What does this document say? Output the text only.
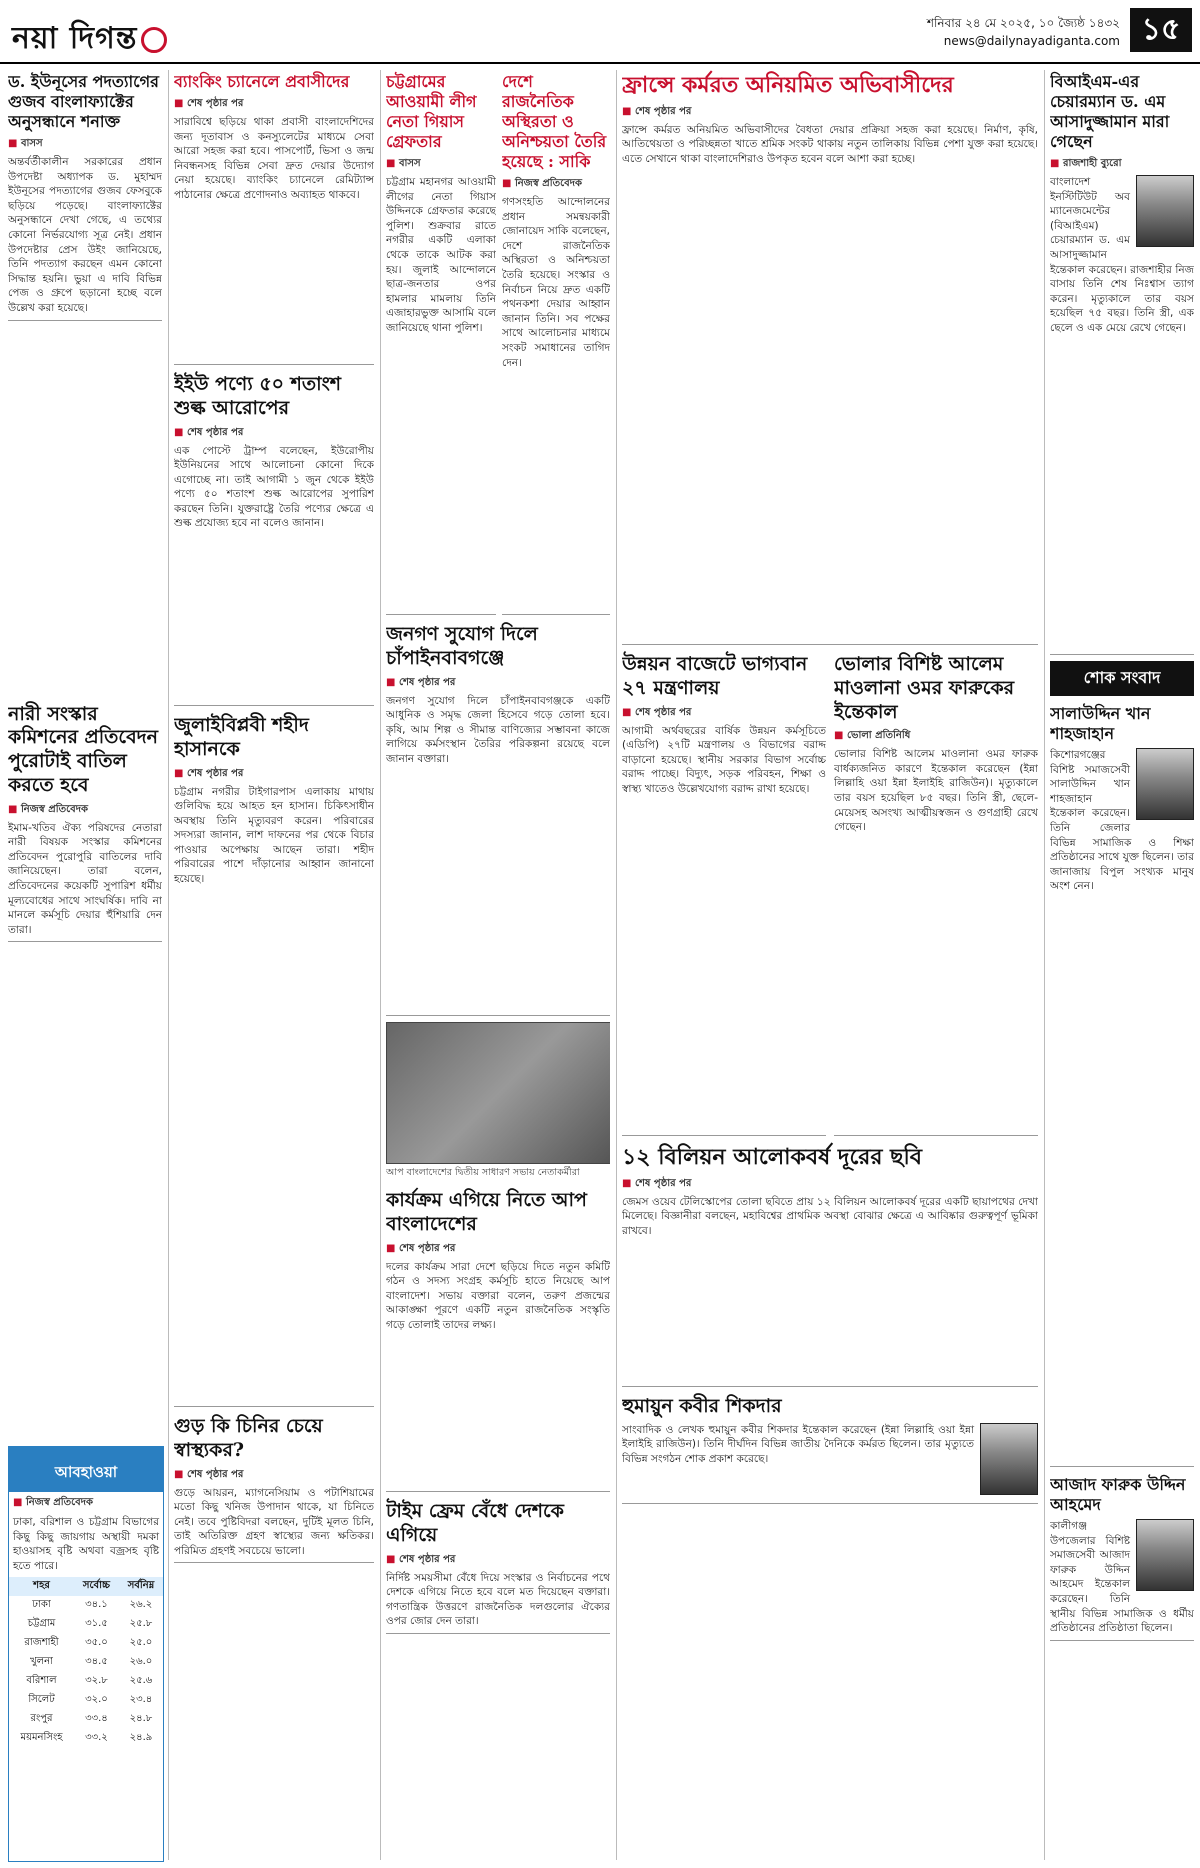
নয়া দিগন্ত	শনিবার ২৪ মে ২০২৫, ১০ জ্যৈষ্ঠ ১৪৩২
news@dailynayadiganta.com ১৫
ড. ইউনূসের পদত্যাগের গুজব বাংলাফ্যাক্টের অনুসন্ধানে শনাক্ত
■ বাসস

অন্তর্বর্তীকালীন সরকারের প্রধান উপদেষ্টা অধ্যাপক ড. মুহাম্মদ ইউনূসের পদত্যাগের গুজব ফেসবুকে ছড়িয়ে পড়েছে। বাংলাফ্যাক্টের অনুসন্ধানে দেখা গেছে, এ তথ্যের কোনো নির্ভরযোগ্য সূত্র নেই। প্রধান উপদেষ্টার প্রেস উইং জানিয়েছে, তিনি পদত্যাগ করছেন এমন কোনো সিদ্ধান্ত হয়নি। ভুয়া এ দাবি বিভিন্ন পেজ ও গ্রুপে ছড়ানো হচ্ছে বলে উল্লেখ করা হয়েছে।

নারী সংস্কার কমিশনের প্রতিবেদন পুরোটাই বাতিল করতে হবে
■ নিজস্ব প্রতিবেদক

ইমাম-খতিব ঐক্য পরিষদের নেতারা নারী বিষয়ক সংস্কার কমিশনের প্রতিবেদন পুরোপুরি বাতিলের দাবি জানিয়েছেন। তারা বলেন, প্রতিবেদনের কয়েকটি সুপারিশ ধর্মীয় মূল্যবোধের সাথে সাংঘর্ষিক। দাবি না মানলে কর্মসূচি দেয়ার হুঁশিয়ারি দেন তারা।

আবহাওয়া
■ নিজস্ব প্রতিবেদক

ঢাকা, বরিশাল ও চট্টগ্রাম বিভাগের কিছু কিছু জায়গায় অস্থায়ী দমকা হাওয়াসহ বৃষ্টি অথবা বজ্রসহ বৃষ্টি হতে পারে।

শহর	সর্বোচ্চ	সর্বনিম্ন
ঢাকা	৩৪.১	২৬.২
চট্টগ্রাম	৩১.৫	২৫.৮
রাজশাহী	৩৫.০	২৫.০
খুলনা	৩৪.৫	২৬.০
বরিশাল	৩২.৮	২৫.৬
সিলেট	৩২.০	২৩.৪
রংপুর	৩৩.৪	২৪.৮
ময়মনসিংহ	৩৩.২	২৪.৯
ব্যাংকিং চ্যানেলে প্রবাসীদের
■ শেষ পৃষ্ঠার পর

সারাবিশ্বে ছড়িয়ে থাকা প্রবাসী বাংলাদেশিদের জন্য দূতাবাস ও কনস্যুলেটের মাধ্যমে সেবা আরো সহজ করা হবে। পাসপোর্ট, ভিসা ও জন্ম নিবন্ধনসহ বিভিন্ন সেবা দ্রুত দেয়ার উদ্যোগ নেয়া হয়েছে। ব্যাংকিং চ্যানেলে রেমিট্যান্স পাঠানোর ক্ষেত্রে প্রণোদনাও অব্যাহত থাকবে।

ইইউ পণ্যে ৫০ শতাংশ শুল্ক আরোপের
■ শেষ পৃষ্ঠার পর

এক পোস্টে ট্রাম্প বলেছেন, ইউরোপীয় ইউনিয়নের সাথে আলোচনা কোনো দিকে এগোচ্ছে না। তাই আগামী ১ জুন থেকে ইইউ পণ্যে ৫০ শতাংশ শুল্ক আরোপের সুপারিশ করছেন তিনি। যুক্তরাষ্ট্রে তৈরি পণ্যের ক্ষেত্রে এ শুল্ক প্রযোজ্য হবে না বলেও জানান।

জুলাইবিপ্লবী শহীদ হাসানকে
■ শেষ পৃষ্ঠার পর

চট্টগ্রাম নগরীর টাইগারপাস এলাকায় মাথায় গুলিবিদ্ধ হয়ে আহত হন হাসান। চিকিৎসাধীন অবস্থায় তিনি মৃত্যুবরণ করেন। পরিবারের সদস্যরা জানান, লাশ দাফনের পর থেকে বিচার পাওয়ার অপেক্ষায় আছেন তারা। শহীদ পরিবারের পাশে দাঁড়ানোর আহ্বান জানানো হয়েছে।

গুড় কি চিনির চেয়ে স্বাস্থ্যকর?
■ শেষ পৃষ্ঠার পর

গুড়ে আয়রন, ম্যাগনেসিয়াম ও পটাশিয়ামের মতো কিছু খনিজ উপাদান থাকে, যা চিনিতে নেই। তবে পুষ্টিবিদরা বলছেন, দুটিই মূলত চিনি, তাই অতিরিক্ত গ্রহণ স্বাস্থ্যের জন্য ক্ষতিকর। পরিমিত গ্রহণই সবচেয়ে ভালো।

চট্টগ্রামের আওয়ামী লীগ নেতা গিয়াস গ্রেফতার
■ বাসস

চট্টগ্রাম মহানগর আওয়ামী লীগের নেতা গিয়াস উদ্দিনকে গ্রেফতার করেছে পুলিশ। শুক্রবার রাতে নগরীর একটি এলাকা থেকে তাকে আটক করা হয়। জুলাই আন্দোলনে ছাত্র-জনতার ওপর হামলার মামলায় তিনি এজাহারভুক্ত আসামি বলে জানিয়েছে থানা পুলিশ।

দেশে রাজনৈতিক অস্থিরতা ও অনিশ্চয়তা তৈরি হয়েছে : সাকি
■ নিজস্ব প্রতিবেদক

গণসংহতি আন্দোলনের প্রধান সমন্বয়কারী জোনায়েদ সাকি বলেছেন, দেশে রাজনৈতিক অস্থিরতা ও অনিশ্চয়তা তৈরি হয়েছে। সংস্কার ও নির্বাচন নিয়ে দ্রুত একটি পথনকশা দেয়ার আহ্বান জানান তিনি। সব পক্ষের সাথে আলোচনার মাধ্যমে সংকট সমাধানের তাগিদ দেন।

জনগণ সুযোগ দিলে চাঁপাইনবাবগঞ্জে
■ শেষ পৃষ্ঠার পর

জনগণ সুযোগ দিলে চাঁপাইনবাবগঞ্জকে একটি আধুনিক ও সমৃদ্ধ জেলা হিসেবে গড়ে তোলা হবে। কৃষি, আম শিল্প ও সীমান্ত বাণিজ্যের সম্ভাবনা কাজে লাগিয়ে কর্মসংস্থান তৈরির পরিকল্পনা রয়েছে বলে জানান বক্তারা।

আপ বাংলাদেশের দ্বিতীয় সাধারণ সভায় নেতাকর্মীরা
কার্যক্রম এগিয়ে নিতে আপ বাংলাদেশের
■ শেষ পৃষ্ঠার পর

দলের কার্যক্রম সারা দেশে ছড়িয়ে দিতে নতুন কমিটি গঠন ও সদস্য সংগ্রহ কর্মসূচি হাতে নিয়েছে আপ বাংলাদেশ। সভায় বক্তারা বলেন, তরুণ প্রজন্মের আকাঙ্ক্ষা পূরণে একটি নতুন রাজনৈতিক সংস্কৃতি গড়ে তোলাই তাদের লক্ষ্য।

টাইম ফ্রেম বেঁধে দেশকে এগিয়ে
■ শেষ পৃষ্ঠার পর

নির্দিষ্ট সময়সীমা বেঁধে দিয়ে সংস্কার ও নির্বাচনের পথে দেশকে এগিয়ে নিতে হবে বলে মত দিয়েছেন বক্তারা। গণতান্ত্রিক উত্তরণে রাজনৈতিক দলগুলোর ঐক্যের ওপর জোর দেন তারা।

ফ্রান্সে কর্মরত অনিয়মিত অভিবাসীদের
■ শেষ পৃষ্ঠার পর

ফ্রান্সে কর্মরত অনিয়মিত অভিবাসীদের বৈধতা দেয়ার প্রক্রিয়া সহজ করা হয়েছে। নির্মাণ, কৃষি, আতিথেয়তা ও পরিচ্ছন্নতা খাতে শ্রমিক সংকট থাকায় নতুন তালিকায় বিভিন্ন পেশা যুক্ত করা হয়েছে। এতে সেখানে থাকা বাংলাদেশিরাও উপকৃত হবেন বলে আশা করা হচ্ছে।

উন্নয়ন বাজেটে ভাগ্যবান ২৭ মন্ত্রণালয়
■ শেষ পৃষ্ঠার পর

আগামী অর্থবছরের বার্ষিক উন্নয়ন কর্মসূচিতে (এডিপি) ২৭টি মন্ত্রণালয় ও বিভাগের বরাদ্দ বাড়ানো হয়েছে। স্থানীয় সরকার বিভাগ সর্বোচ্চ বরাদ্দ পাচ্ছে। বিদ্যুৎ, সড়ক পরিবহন, শিক্ষা ও স্বাস্থ্য খাতেও উল্লেখযোগ্য বরাদ্দ রাখা হয়েছে।

ভোলার বিশিষ্ট আলেম মাওলানা ওমর ফারুকের ইন্তেকাল
■ ভোলা প্রতিনিধি

ভোলার বিশিষ্ট আলেম মাওলানা ওমর ফারুক বার্ধক্যজনিত কারণে ইন্তেকাল করেছেন (ইন্না লিল্লাহি ওয়া ইন্না ইলাইহি রাজিউন)। মৃত্যুকালে তার বয়স হয়েছিল ৮৫ বছর। তিনি স্ত্রী, ছেলে-মেয়েসহ অসংখ্য আত্মীয়স্বজন ও গুণগ্রাহী রেখে গেছেন।

১২ বিলিয়ন আলোকবর্ষ দূরের ছবি
■ শেষ পৃষ্ঠার পর

জেমস ওয়েব টেলিস্কোপের তোলা ছবিতে প্রায় ১২ বিলিয়ন আলোকবর্ষ দূরের একটি ছায়াপথের দেখা মিলেছে। বিজ্ঞানীরা বলছেন, মহাবিশ্বের প্রাথমিক অবস্থা বোঝার ক্ষেত্রে এ আবিষ্কার গুরুত্বপূর্ণ ভূমিকা রাখবে।

হুমায়ুন কবীর শিকদার

সাংবাদিক ও লেখক হুমায়ুন কবীর শিকদার ইন্তেকাল করেছেন (ইন্না লিল্লাহি ওয়া ইন্না ইলাইহি রাজিউন)। তিনি দীর্ঘদিন বিভিন্ন জাতীয় দৈনিকে কর্মরত ছিলেন। তার মৃত্যুতে বিভিন্ন সংগঠন শোক প্রকাশ করেছে।

বিআইএম-এর চেয়ারম্যান ড. এম আসাদুজ্জামান মারা গেছেন
■ রাজশাহী ব্যুরো

বাংলাদেশ ইনস্টিটিউট অব ম্যানেজমেন্টের (বিআইএম) চেয়ারম্যান ড. এম আসাদুজ্জামান ইন্তেকাল করেছেন। রাজশাহীর নিজ বাসায় তিনি শেষ নিঃশ্বাস ত্যাগ করেন। মৃত্যুকালে তার বয়স হয়েছিল ৭৫ বছর। তিনি স্ত্রী, এক ছেলে ও এক মেয়ে রেখে গেছেন।

শোক সংবাদ
সালাউদ্দিন খান শাহজাহান

কিশোরগঞ্জের বিশিষ্ট সমাজসেবী সালাউদ্দিন খান শাহজাহান ইন্তেকাল করেছেন। তিনি জেলার বিভিন্ন সামাজিক ও শিক্ষা প্রতিষ্ঠানের সাথে যুক্ত ছিলেন। তার জানাজায় বিপুল সংখ্যক মানুষ অংশ নেন।

আজাদ ফারুক উদ্দিন আহমেদ

কালীগঞ্জ উপজেলার বিশিষ্ট সমাজসেবী আজাদ ফারুক উদ্দিন আহমেদ ইন্তেকাল করেছেন। তিনি স্থানীয় বিভিন্ন সামাজিক ও ধর্মীয় প্রতিষ্ঠানের প্রতিষ্ঠাতা ছিলেন।
